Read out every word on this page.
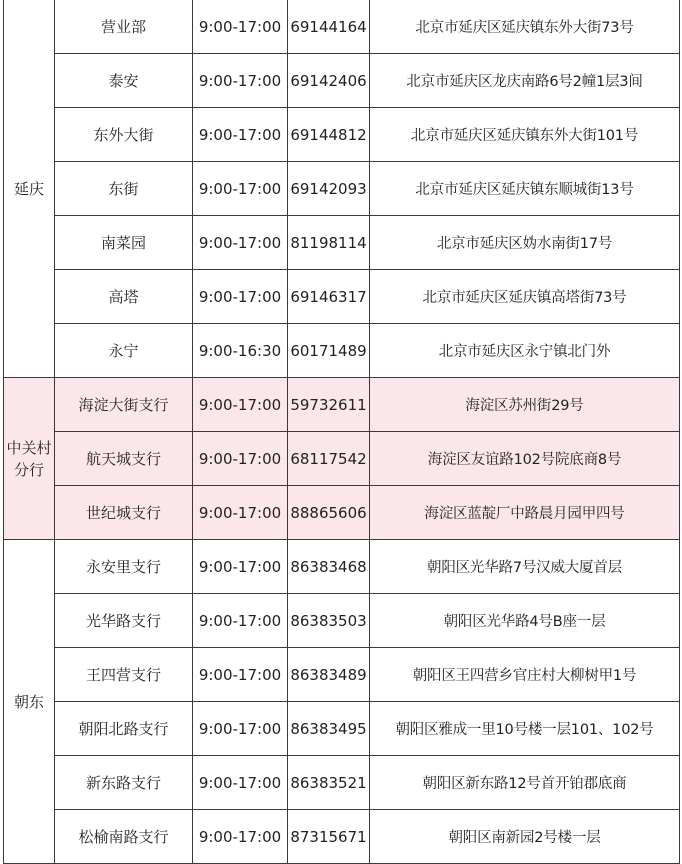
延庆	营业部	9:00-17:00	69144164	北京市延庆区延庆镇东外大街73号
	泰安	9:00-17:00	69142406	北京市延庆区龙庆南路6号2幢1层3间
	东外大街	9:00-17:00	69144812	北京市延庆区延庆镇东外大街101号
	东街	9:00-17:00	69142093	北京市延庆区延庆镇东顺城街13号
	南菜园	9:00-17:00	81198114	北京市延庆区妫水南街17号
	高塔	9:00-17:00	69146317	北京市延庆区延庆镇高塔街73号
	永宁	9:00-16:30	60171489	北京市延庆区永宁镇北门外

中关村
分行	海淀大街支行	9:00-17:00	59732611	海淀区苏州街29号
	航天城支行	9:00-17:00	68117542	海淀区友谊路102号院底商8号
	世纪城支行	9:00-17:00	88865606	海淀区蓝靛厂中路晨月园甲四号
朝东	永安里支行	9:00-17:00	86383468	朝阳区光华路7号汉威大厦首层
	光华路支行	9:00-17:00	86383503	朝阳区光华路4号B座一层
	王四营支行	9:00-17:00	86383489	朝阳区王四营乡官庄村大柳树甲1号
	朝阳北路支行	9:00-17:00	86383495	朝阳区雅成一里10号楼一层101、102号
	新东路支行	9:00-17:00	86383521	朝阳区新东路12号首开铂郡底商
	松榆南路支行	9:00-17:00	87315671	朝阳区南新园2号楼一层
